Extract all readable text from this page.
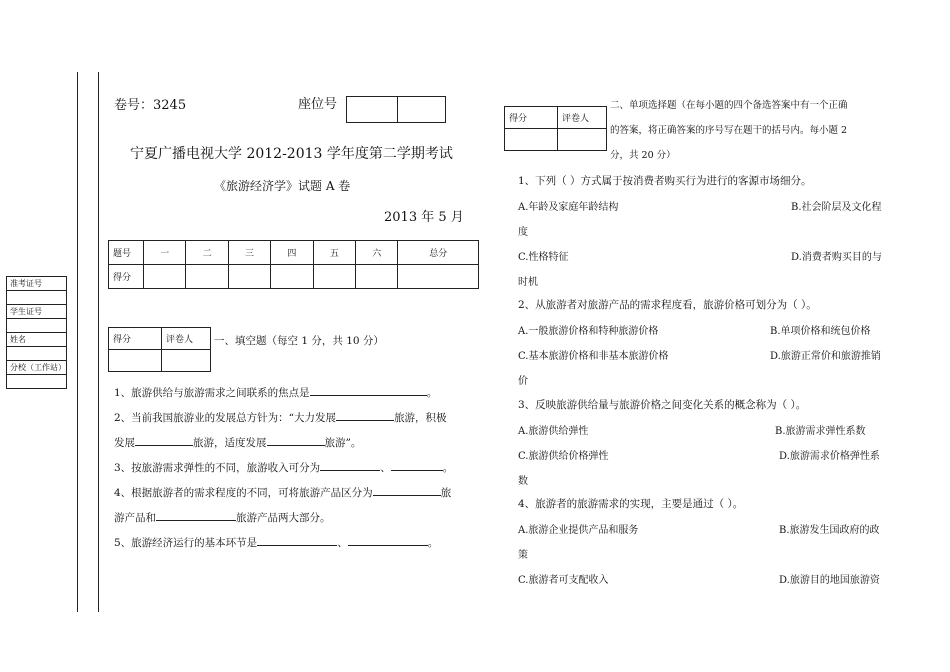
准考证号

学生证号

姓名

分校（工作站）

卷号：3245	座位号

宁夏广播电视大学 2012-2013 学年度第二学期考试
《旅游经济学》试题 A 卷
2013 年 5 月
题号	一	二	三	四	五	六	总分
得分							
得分	评卷人
	一、填空题（每空 1 分，共 10 分）
1、旅游供给与旅游需求之间联系的焦点是	。
2、当前我国旅游业的发展总方针为：“大力发展	旅游，积极
发展	旅游，适度发展	旅游”。
3、按旅游需求弹性的不同，旅游收入可分为	、	。
4、根据旅游者的需求程度的不同，可将旅游产品区分为	旅
游产品和	旅游产品两大部分。
5、旅游经济运行的基本环节是	、	。
得分	评卷人

二、单项选择题（在每小题的四个备选答案中有一个正确
的答案，将正确答案的序号写在题干的括号内。每小题 2
分，共 20 分）
1、下列（ ）方式属于按消费者购买行为进行的客源市场细分。
A.年龄及家庭年龄结构	B.社会阶层及文化程
度
C.性格特征	D.消费者购买目的与
时机
2、从旅游者对旅游产品的需求程度看，旅游价格可划分为（ ）。
A.一般旅游价格和特种旅游价格	B.单项价格和统包价格
C.基本旅游价格和非基本旅游价格	D.旅游正常价和旅游推销
价
3、反映旅游供给量与旅游价格之间变化关系的概念称为（ ）。
A.旅游供给弹性	B.旅游需求弹性系数
C.旅游供给价格弹性	D.旅游需求价格弹性系
数
4、旅游者的旅游需求的实现，主要是通过（ ）。
A.旅游企业提供产品和服务	B.旅游发生国政府的政
策
C.旅游者可支配收入	D.旅游目的地国旅游资
